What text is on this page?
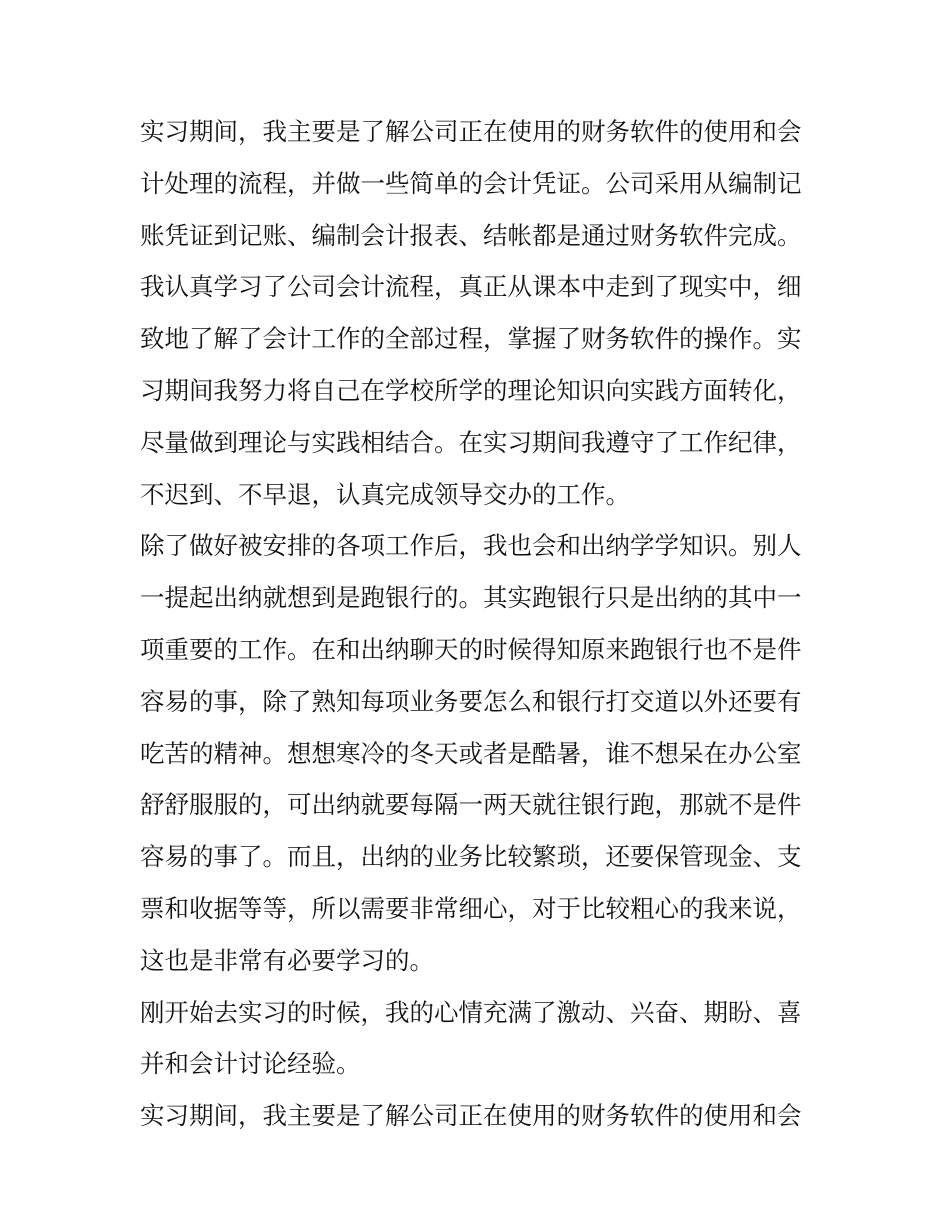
实习期间，我主要是了解公司正在使用的财务软件的使用和会
计处理的流程，并做一些简单的会计凭证。公司采用从编制记
账凭证到记账、编制会计报表、结帐都是通过财务软件完成。
我认真学习了公司会计流程，真正从课本中走到了现实中，细
致地了解了会计工作的全部过程，掌握了财务软件的操作。实
习期间我努力将自己在学校所学的理论知识向实践方面转化，
尽量做到理论与实践相结合。在实习期间我遵守了工作纪律，
不迟到、不早退，认真完成领导交办的工作。
除了做好被安排的各项工作后，我也会和出纳学学知识。别人
一提起出纳就想到是跑银行的。其实跑银行只是出纳的其中一
项重要的工作。在和出纳聊天的时候得知原来跑银行也不是件
容易的事，除了熟知每项业务要怎么和银行打交道以外还要有
吃苦的精神。想想寒冷的冬天或者是酷暑，谁不想呆在办公室
舒舒服服的，可出纳就要每隔一两天就往银行跑，那就不是件
容易的事了。而且，出纳的业务比较繁琐，还要保管现金、支
票和收据等等，所以需要非常细心，对于比较粗心的我来说，
这也是非常有必要学习的。
刚开始去实习的时候，我的心情充满了激动、兴奋、期盼、喜
并和会计讨论经验。
实习期间，我主要是了解公司正在使用的财务软件的使用和会
